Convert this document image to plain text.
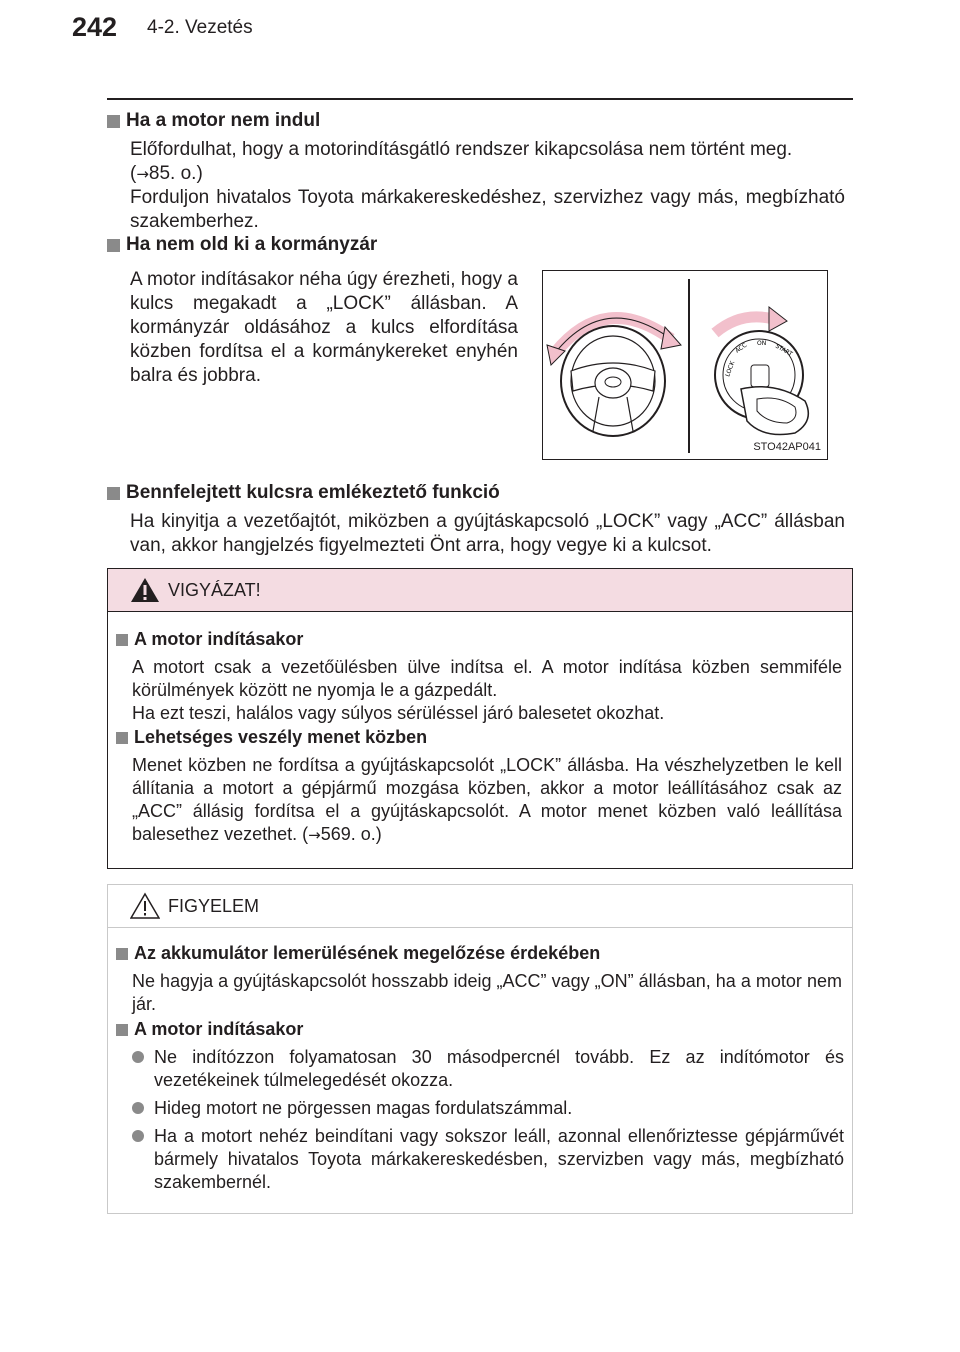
242 4-2. Vezetés
Ha a motor nem indul

Előfordulhat, hogy a motorindításgátló rendszer kikapcsolása nem történt meg.

(→85. o.)

Forduljon hivatalos Toyota márkakereskedéshez, szervizhez vagy más, megbízható szakemberhez.

Ha nem old ki a kormányzár

A motor indításakor néha úgy érezheti, hogy a kulcs megakadt a „LOCK” állásban. A kormányzár oldásához a kulcs elfordítása közben fordítsa el a kormánykereket enyhén balra és jobbra.	LOCK
ACC ON START
STO42AP041
Bennfelejtett kulcsra emlékeztető funkció

Ha kinyitja a vezetőajtót, miközben a gyújtáskapcsoló „LOCK” vagy „ACC” állásban van, akkor hangjelzés figyelmezteti Önt arra, hogy vegye ki a kulcsot.

VIGYÁZAT!
A motor indításakor

A motort csak a vezetőülésben ülve indítsa el. A motor indítása közben semmiféle körülmények között ne nyomja le a gázpedált.

Ha ezt teszi, halálos vagy súlyos sérüléssel járó balesetet okozhat.

Lehetséges veszély menet közben

Menet közben ne fordítsa a gyújtáskapcsolót „LOCK” állásba. Ha vészhelyzetben le kell állítania a motort a gépjármű mozgása közben, akkor a motor leállításához csak az „ACC” állásig fordítsa el a gyújtáskapcsolót. A motor menet közben való leállítása balesethez vezethet. (→569. o.)

FIGYELEM
Az akkumulátor lemerülésének megelőzése érdekében

Ne hagyja a gyújtáskapcsolót hosszabb ideig „ACC” vagy „ON” állásban, ha a motor nem jár.

A motor indításakor
Ne indítózzon folyamatosan 30 másodpercnél tovább. Ez az indítómotor és vezetékeinek túlmelegedését okozza.
Hideg motort ne pörgessen magas fordulatszámmal.
Ha a motort nehéz beindítani vagy sokszor leáll, azonnal ellenőriztesse gépjárművét bármely hivatalos Toyota márkakereskedésben, szervizben vagy más, megbízható szakembernél.
